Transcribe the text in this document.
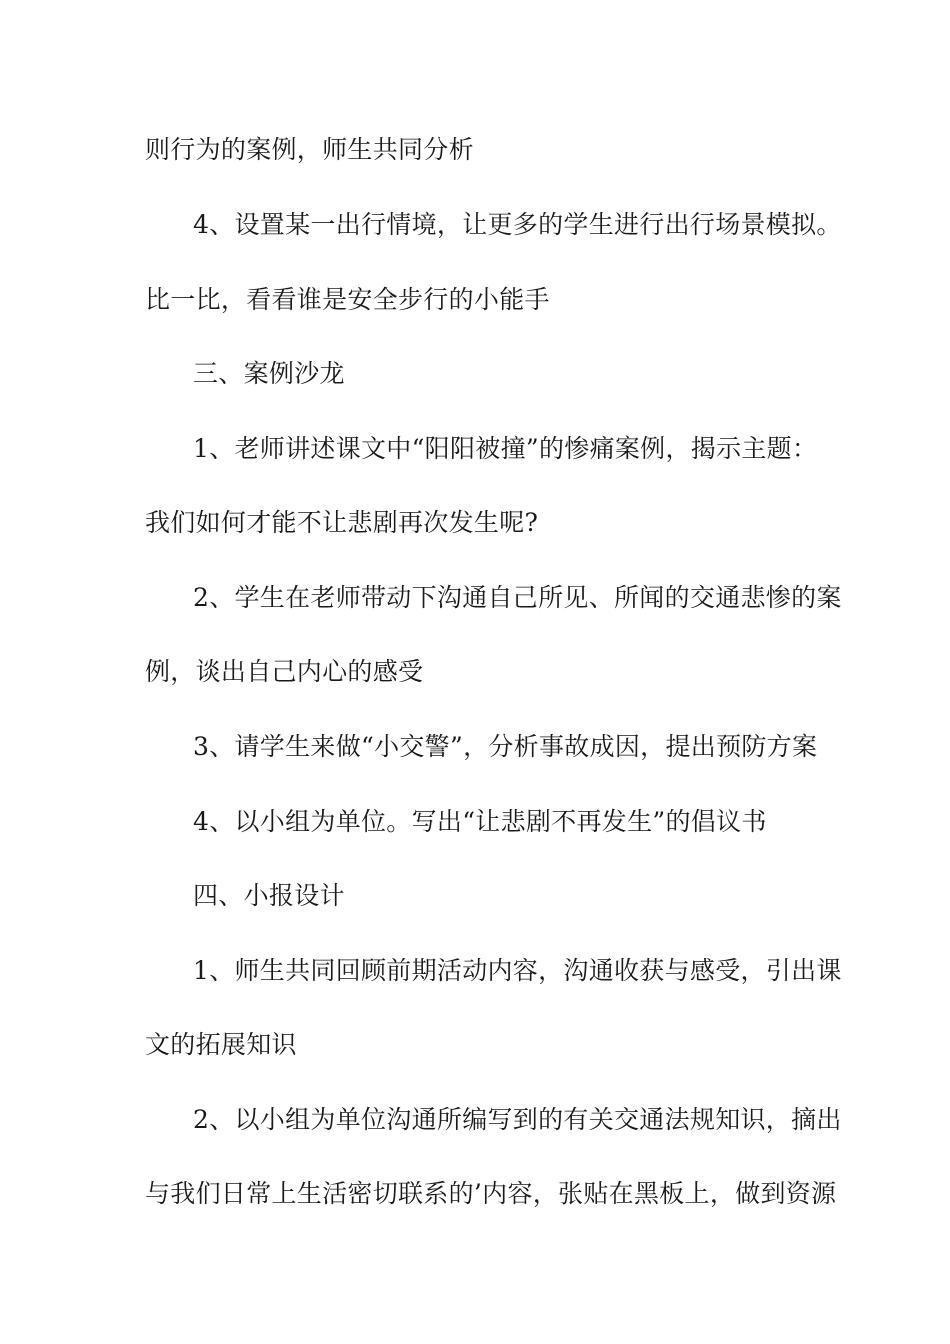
则行为的案例，师生共同分析
4、设置某一出行情境，让更多的学生进行出行场景模拟。
比一比，看看谁是安全步行的小能手
三、案例沙龙
1、老师讲述课文中“阳阳被撞”的惨痛案例，揭示主题：
我们如何才能不让悲剧再次发生呢?
2、学生在老师带动下沟通自己所见、所闻的交通悲惨的案
例，谈出自己内心的感受
3、请学生来做“小交警”，分析事故成因，提出预防方案
4、以小组为单位。写出“让悲剧不再发生”的倡议书
四、小报设计
1、师生共同回顾前期活动内容，沟通收获与感受，引出课
文的拓展知识
2、以小组为单位沟通所编写到的有关交通法规知识，摘出
与我们日常上生活密切联系的’内容，张贴在黑板上，做到资源
